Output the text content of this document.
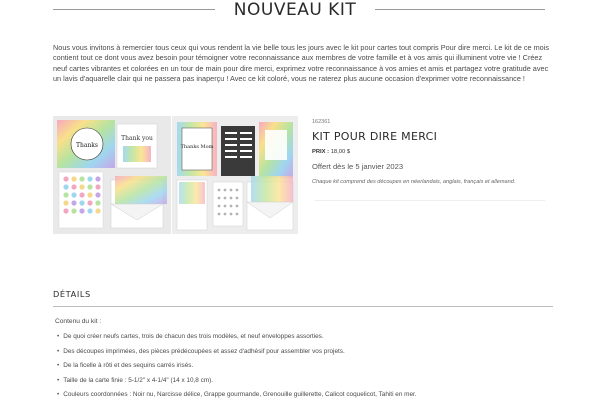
NOUVEAU KIT

Nous vous invitons à remercier tous ceux qui vous rendent la vie belle tous les jours avec le kit pour cartes tout compris Pour dire merci. Le kit de ce mois contient tout ce dont vous avez besoin pour témoigner votre reconnaissance aux membres de votre famille et à vos amis qui illuminent votre vie ! Créez neuf cartes vibrantes et colorées en un tour de main pour dire merci, exprimez votre reconnaissance à vos amies et amis et partagez votre gratitude avec un lavis d'aquarelle clair qui ne passera pas inaperçu ! Avec ce kit coloré, vous ne raterez plus aucune occasion d'exprimer votre reconnaissance !

Thanks
Thank you
Thanks Mom
162361
KIT POUR DIRE MERCI
PRIX : 18,00 $
Offert dès le 5 janvier 2023
Chaque kit comprend des découpes en néerlandais, anglais, français et allemand.
DÉTAILS
Contenu du kit :
• De quoi créer neufs cartes, trois de chacun des trois modèles, et neuf enveloppes assorties.
• Des découpes imprimées, des pièces prédécoupées et assez d'adhésif pour assembler vos projets.
• De la ficelle à rôti et des sequins carrés irisés.
• Taille de la carte finie : 5-1/2" x 4-1/4" (14 x 10,8 cm).
• Couleurs coordonnées : Noir nu, Narcisse délice, Grappe gourmande, Grenouille guillerette, Calicot coquelicot, Tahiti en mer.
